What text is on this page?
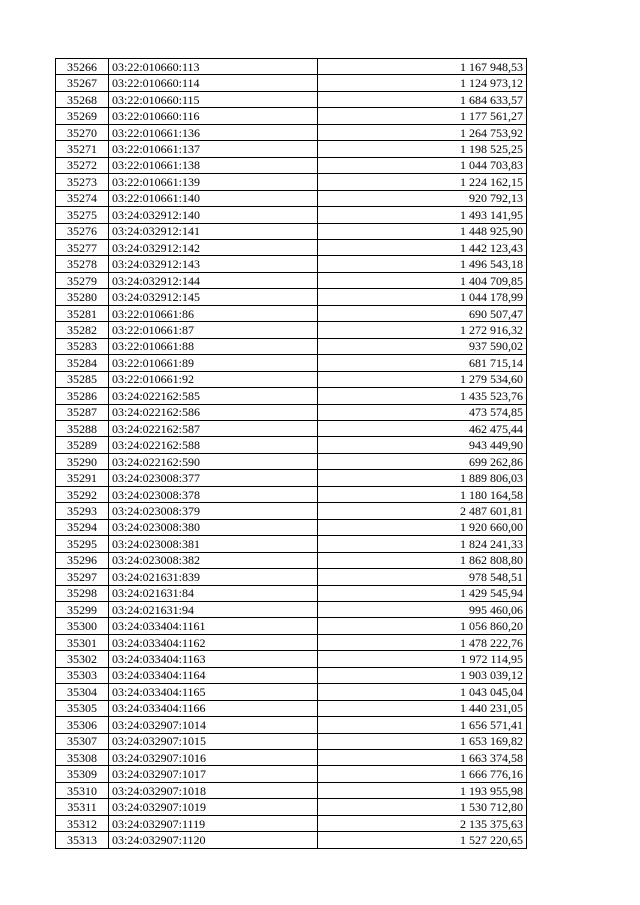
35266	03:22:010660:113	1 167 948,53
35267	03:22:010660:114	1 124 973,12
35268	03:22:010660:115	1 684 633,57
35269	03:22:010660:116	1 177 561,27
35270	03:22:010661:136	1 264 753,92
35271	03:22:010661:137	1 198 525,25
35272	03:22:010661:138	1 044 703,83
35273	03:22:010661:139	1 224 162,15
35274	03:22:010661:140	920 792,13
35275	03:24:032912:140	1 493 141,95
35276	03:24:032912:141	1 448 925,90
35277	03:24:032912:142	1 442 123,43
35278	03:24:032912:143	1 496 543,18
35279	03:24:032912:144	1 404 709,85
35280	03:24:032912:145	1 044 178,99
35281	03:22:010661:86	690 507,47
35282	03:22:010661:87	1 272 916,32
35283	03:22:010661:88	937 590,02
35284	03:22:010661:89	681 715,14
35285	03:22:010661:92	1 279 534,60
35286	03:24:022162:585	1 435 523,76
35287	03:24:022162:586	473 574,85
35288	03:24:022162:587	462 475,44
35289	03:24:022162:588	943 449,90
35290	03:24:022162:590	699 262,86
35291	03:24:023008:377	1 889 806,03
35292	03:24:023008:378	1 180 164,58
35293	03:24:023008:379	2 487 601,81
35294	03:24:023008:380	1 920 660,00
35295	03:24:023008:381	1 824 241,33
35296	03:24:023008:382	1 862 808,80
35297	03:24:021631:839	978 548,51
35298	03:24:021631:84	1 429 545,94
35299	03:24:021631:94	995 460,06
35300	03:24:033404:1161	1 056 860,20
35301	03:24:033404:1162	1 478 222,76
35302	03:24:033404:1163	1 972 114,95
35303	03:24:033404:1164	1 903 039,12
35304	03:24:033404:1165	1 043 045,04
35305	03:24:033404:1166	1 440 231,05
35306	03:24:032907:1014	1 656 571,41
35307	03:24:032907:1015	1 653 169,82
35308	03:24:032907:1016	1 663 374,58
35309	03:24:032907:1017	1 666 776,16
35310	03:24:032907:1018	1 193 955,98
35311	03:24:032907:1019	1 530 712,80
35312	03:24:032907:1119	2 135 375,63
35313	03:24:032907:1120	1 527 220,65
